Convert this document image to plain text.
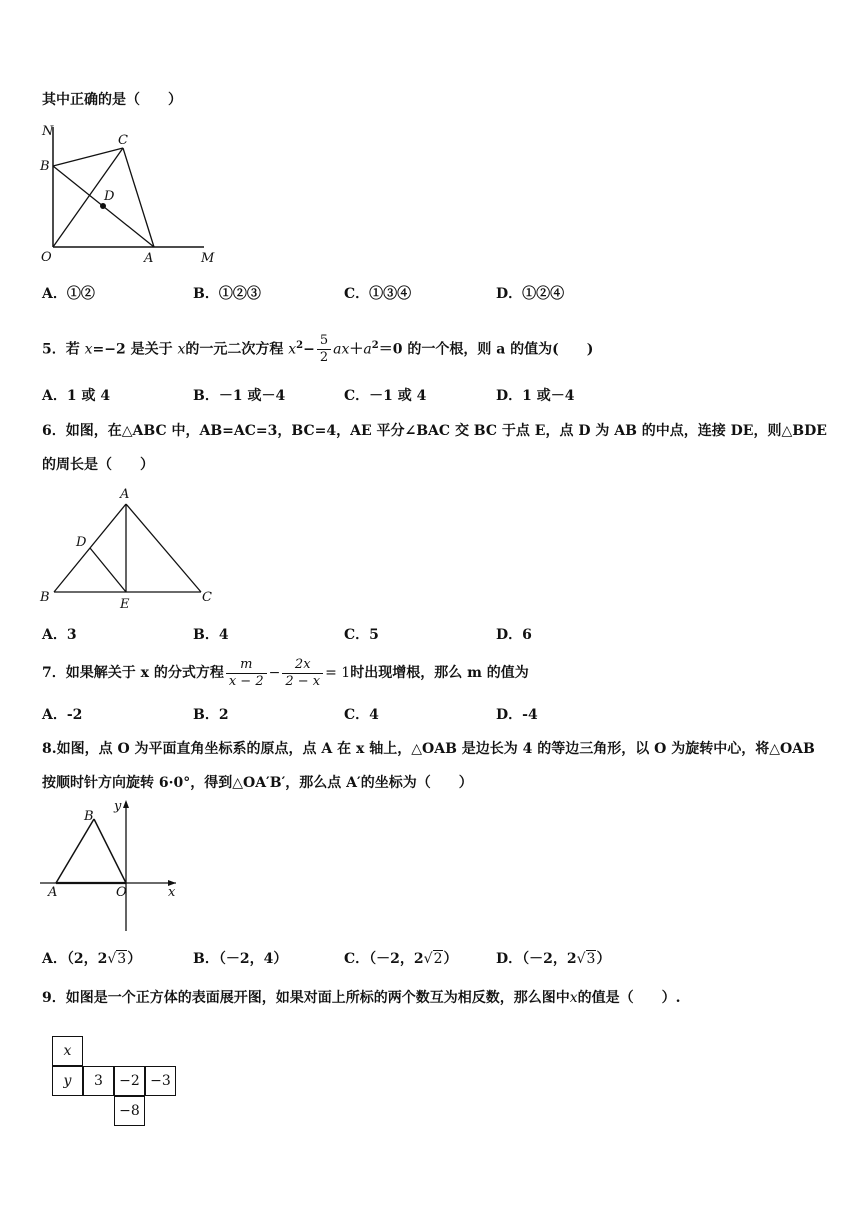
其中正确的是（　　）
N
C
B
D
O	A	M
A．①②	B．①②③	C．①③④	D．①②④
5．若 x=−2 是关于 x的一元二次方程 $x^2- \frac{5}{2} ax+a^2=0$ 的一个根，则 a 的值为(　　)
A．1 或 4	B．－1 或－4	C．－1 或 4	D．1 或－4
6．如图，在△ABC 中，AB=AC=3，BC=4，AE 平分∠BAC 交 BC 于点 E，点 D 为 AB 的中点，连接 DE，则△BDE
的周长是（　　）
A
D
B	E	C
A．3	B．4	C．5	D．6
7．如果解关于 x 的分式方程 $\frac{m}{x - 2} - \frac{2x}{2 - x} = 1$时出现增根，那么 m 的值为
A．-2	B．2	C．4	D．-4
8.如图，点 O 为平面直角坐标系的原点，点 A 在 x 轴上，△OAB 是边长为 4 的等边三角形，以 O 为旋转中心，将△OAB
按顺时针方向旋转 6·0°，得到△OA′B′，那么点 A′的坐标为（　　）
y
B
A	O	x
A．（2，2√3）	B．（－2，4）	C．（－2，2√2）	D．（－2，2√3）
9．如图是一个正方体的表面展开图，如果对面上所标的两个数互为相反数，那么图中x的值是（　　）.
x
y	3	−2 −3
−8
